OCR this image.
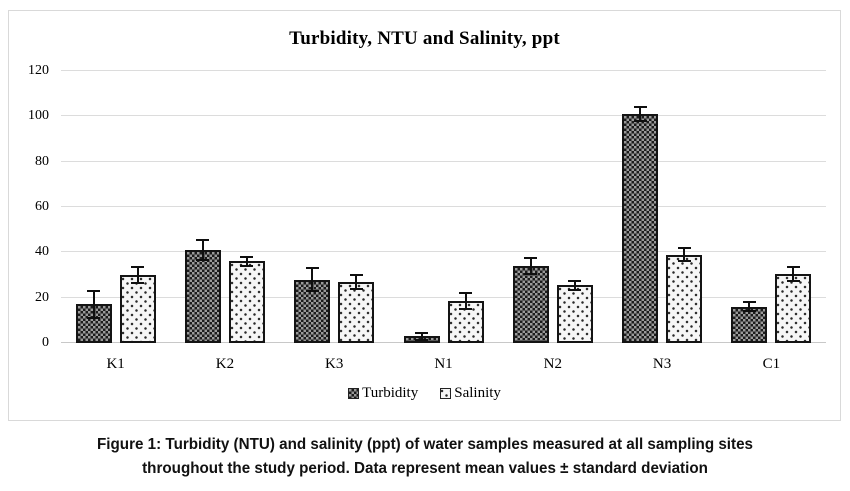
Turbidity, NTU and Salinity, ppt
0
20
40
60
80
100
120
K1	K2	K3	N1	N2	N3	C1
Turbidity Salinity
Figure 1: Turbidity (NTU) and salinity (ppt) of water samples measured at all sampling sites
throughout the study period. Data represent mean values ± standard deviation
